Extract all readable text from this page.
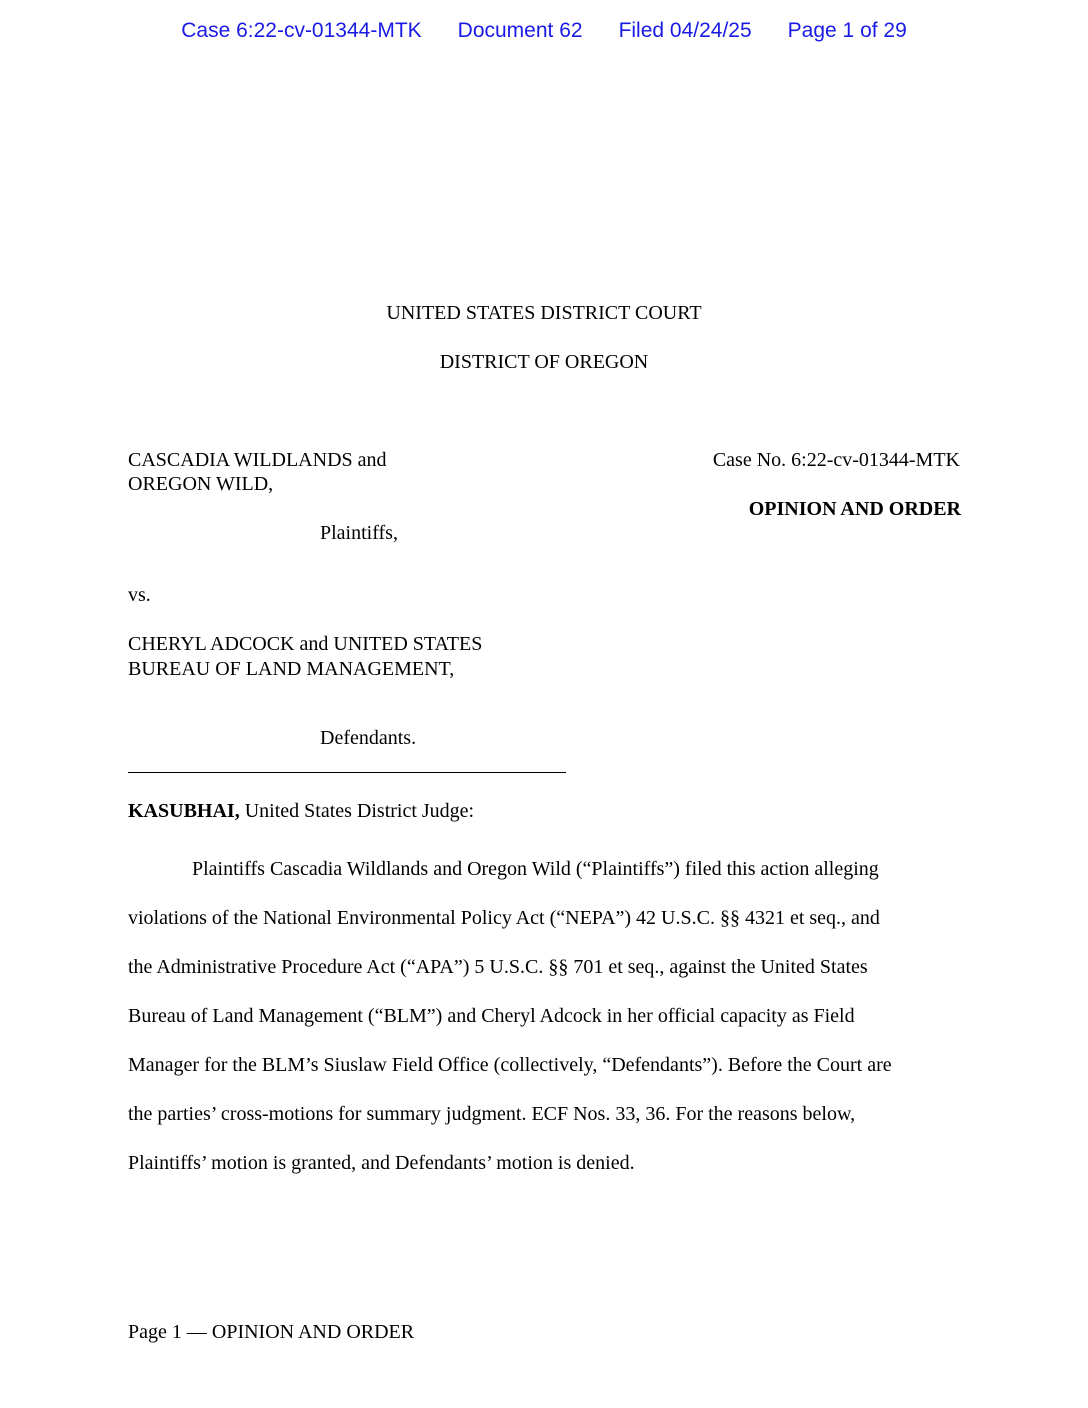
Case 6:22-cv-01344-MTK Document 62 Filed 04/24/25 Page 1 of 29
UNITED STATES DISTRICT COURT
DISTRICT OF OREGON
CASCADIA WILDLANDS and
OREGON WILD,
Plaintiffs,
Case No. 6:22-cv-01344-MTK
OPINION AND ORDER
vs.
CHERYL ADCOCK and UNITED STATES
BUREAU OF LAND MANAGEMENT,
Defendants.
KASUBHAI, United States District Judge:
Plaintiffs Cascadia Wildlands and Oregon Wild (“Plaintiffs”) filed this action alleging
violations of the National Environmental Policy Act (“NEPA”) 42 U.S.C. §§ 4321 et seq., and
the Administrative Procedure Act (“APA”) 5 U.S.C. §§ 701 et seq., against the United States
Bureau of Land Management (“BLM”) and Cheryl Adcock in her official capacity as Field
Manager for the BLM’s Siuslaw Field Office (collectively, “Defendants”). Before the Court are
the parties’ cross-motions for summary judgment. ECF Nos. 33, 36. For the reasons below,
Plaintiffs’ motion is granted, and Defendants’ motion is denied.
Page 1 — OPINION AND ORDER
